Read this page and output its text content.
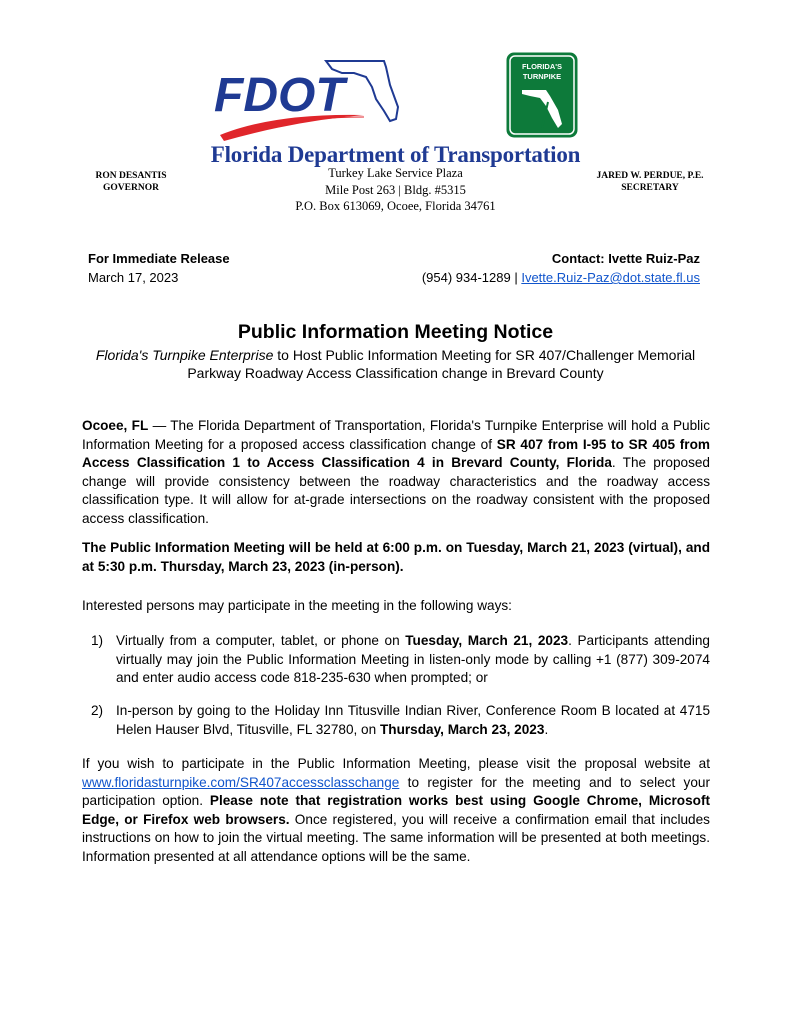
FDOT
FLORIDA'S
TURNPIKE
Florida Department of Transportation
RON DESANTIS
GOVERNOR
Turkey Lake Service Plaza
Mile Post 263 | Bldg. #5315
P.O. Box 613069, Ocoee, Florida 34761
JARED W. PERDUE, P.E.
SECRETARY
For Immediate Release
March 17, 2023
Contact: Ivette Ruiz-Paz
(954) 934-1289 | Ivette.Ruiz-Paz@dot.state.fl.us
Public Information Meeting Notice
Florida's Turnpike Enterprise to Host Public Information Meeting for SR 407/Challenger Memorial Parkway Roadway Access Classification change in Brevard County
Ocoee, FL — The Florida Department of Transportation, Florida's Turnpike Enterprise will hold a Public Information Meeting for a proposed access classification change of SR 407 from I-95 to SR 405 from Access Classification 1 to Access Classification 4 in Brevard County, Florida. The proposed change will provide consistency between the roadway characteristics and the roadway access classification type. It will allow for at-grade intersections on the roadway consistent with the proposed access classification.
The Public Information Meeting will be held at 6:00 p.m. on Tuesday, March 21, 2023 (virtual), and at 5:30 p.m. Thursday, March 23, 2023 (in-person).
Interested persons may participate in the meeting in the following ways:
1) Virtually from a computer, tablet, or phone on Tuesday, March 21, 2023. Participants attending virtually may join the Public Information Meeting in listen-only mode by calling +1 (877) 309-2074 and enter audio access code 818-235-630 when prompted; or
2) In-person by going to the Holiday Inn Titusville Indian River, Conference Room B located at 4715 Helen Hauser Blvd, Titusville, FL 32780, on Thursday, March 23, 2023.
If you wish to participate in the Public Information Meeting, please visit the proposal website at www.floridasturnpike.com/SR407accessclasschange to register for the meeting and to select your participation option. Please note that registration works best using Google Chrome, Microsoft Edge, or Firefox web browsers. Once registered, you will receive a confirmation email that includes instructions on how to join the virtual meeting. The same information will be presented at both meetings. Information presented at all attendance options will be the same.
